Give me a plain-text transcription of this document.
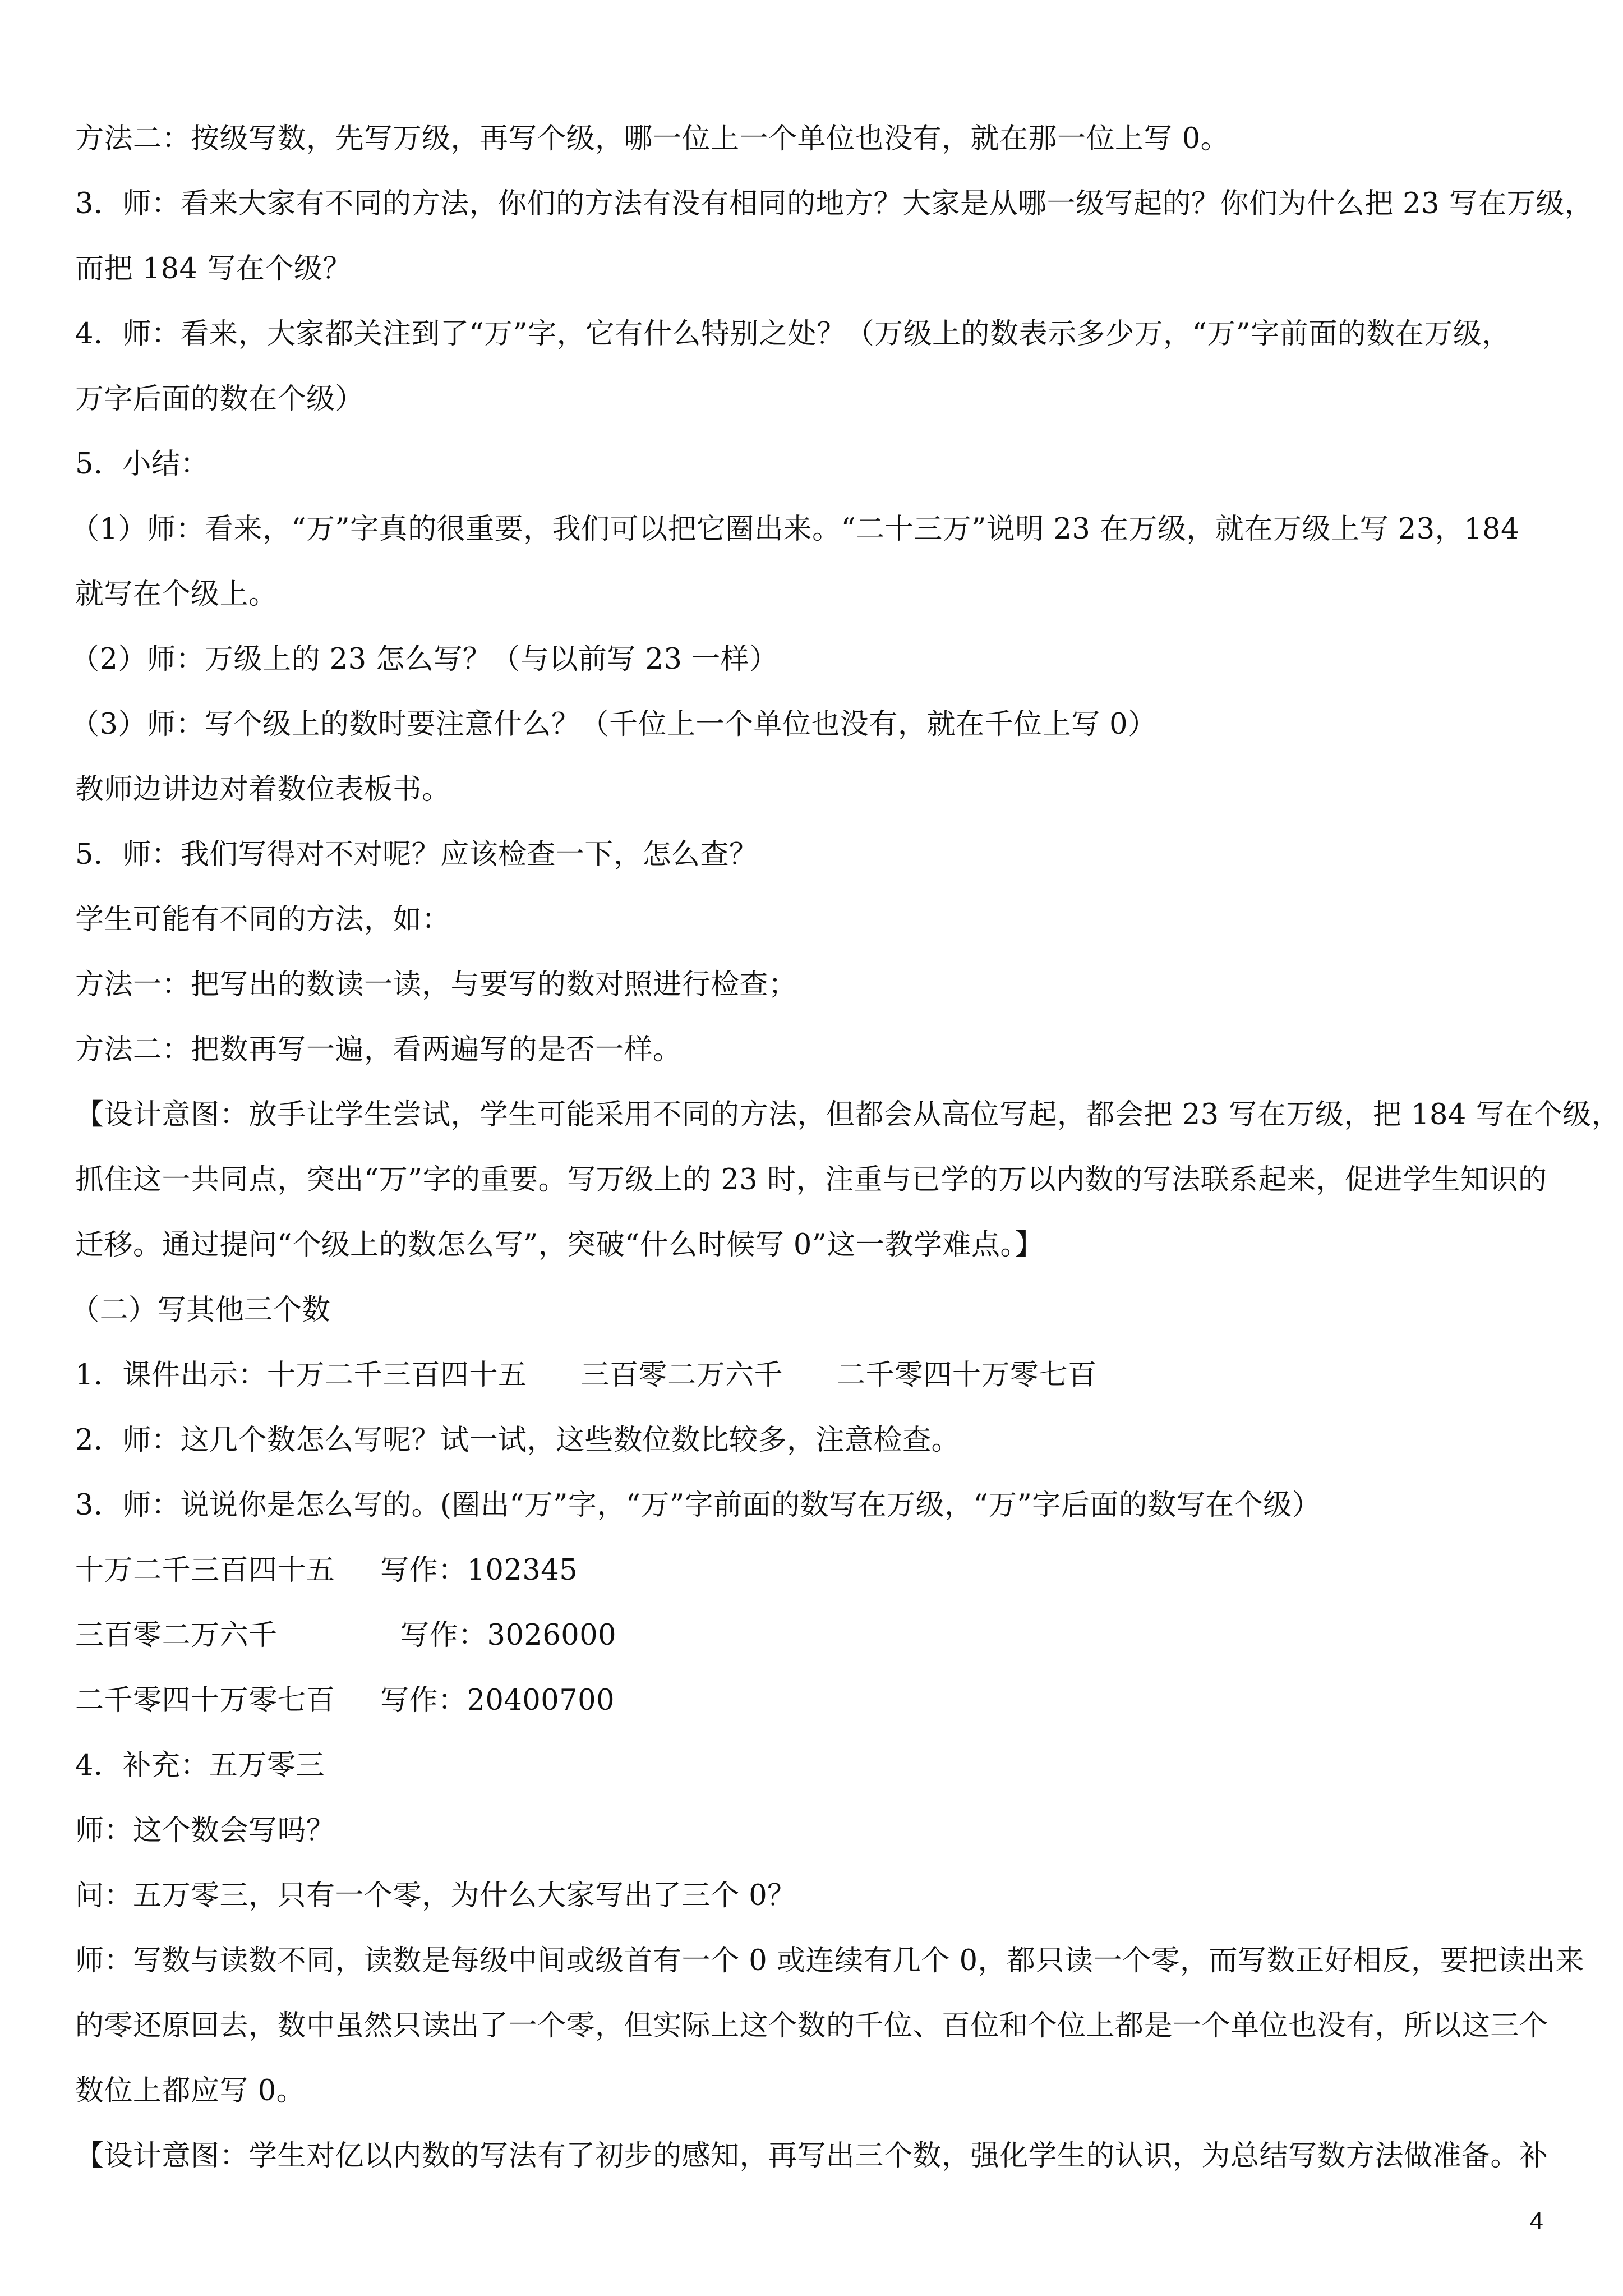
方法二：按级写数，先写万级，再写个级，哪一位上一个单位也没有，就在那一位上写 0。
3．师：看来大家有不同的方法，你们的方法有没有相同的地方？大家是从哪一级写起的？你们为什么把 23 写在万级，
而把 184 写在个级？
4．师：看来，大家都关注到了“万”字，它有什么特别之处？（万级上的数表示多少万，“万”字前面的数在万级，
万字后面的数在个级）
5．小结：
（1）师：看来，“万”字真的很重要，我们可以把它圈出来。“二十三万”说明 23 在万级，就在万级上写 23，184
就写在个级上。
（2）师：万级上的 23 怎么写？（与以前写 23 一样）
（3）师：写个级上的数时要注意什么？（千位上一个单位也没有，就在千位上写 0）
教师边讲边对着数位表板书。
5．师：我们写得对不对呢？应该检查一下，怎么查？
学生可能有不同的方法，如：
方法一：把写出的数读一读，与要写的数对照进行检查；
方法二：把数再写一遍，看两遍写的是否一样。
【设计意图：放手让学生尝试，学生可能采用不同的方法，但都会从高位写起，都会把 23 写在万级，把 184 写在个级，
抓住这一共同点，突出“万”字的重要。写万级上的 23 时，注重与已学的万以内数的写法联系起来，促进学生知识的
迁移。通过提问“个级上的数怎么写”，突破“什么时候写 0”这一教学难点。】
（二）写其他三个数
1．课件出示：十万二千三百四十五 三百零二万六千 二千零四十万零七百
2．师：这几个数怎么写呢？试一试，这些数位数比较多，注意检查。
3．师：说说你是怎么写的。(圈出“万”字，“万”字前面的数写在万级，“万”字后面的数写在个级）
十万二千三百四十五 写作：102345
三百零二万六千	写作：3026000
二千零四十万零七百 写作：20400700
4．补充：五万零三
师：这个数会写吗？
问：五万零三，只有一个零，为什么大家写出了三个 0？
师：写数与读数不同，读数是每级中间或级首有一个 0 或连续有几个 0，都只读一个零，而写数正好相反，要把读出来
的零还原回去，数中虽然只读出了一个零，但实际上这个数的千位、百位和个位上都是一个单位也没有，所以这三个
数位上都应写 0。
【设计意图：学生对亿以内数的写法有了初步的感知，再写出三个数，强化学生的认识，为总结写数方法做准备。补
4
